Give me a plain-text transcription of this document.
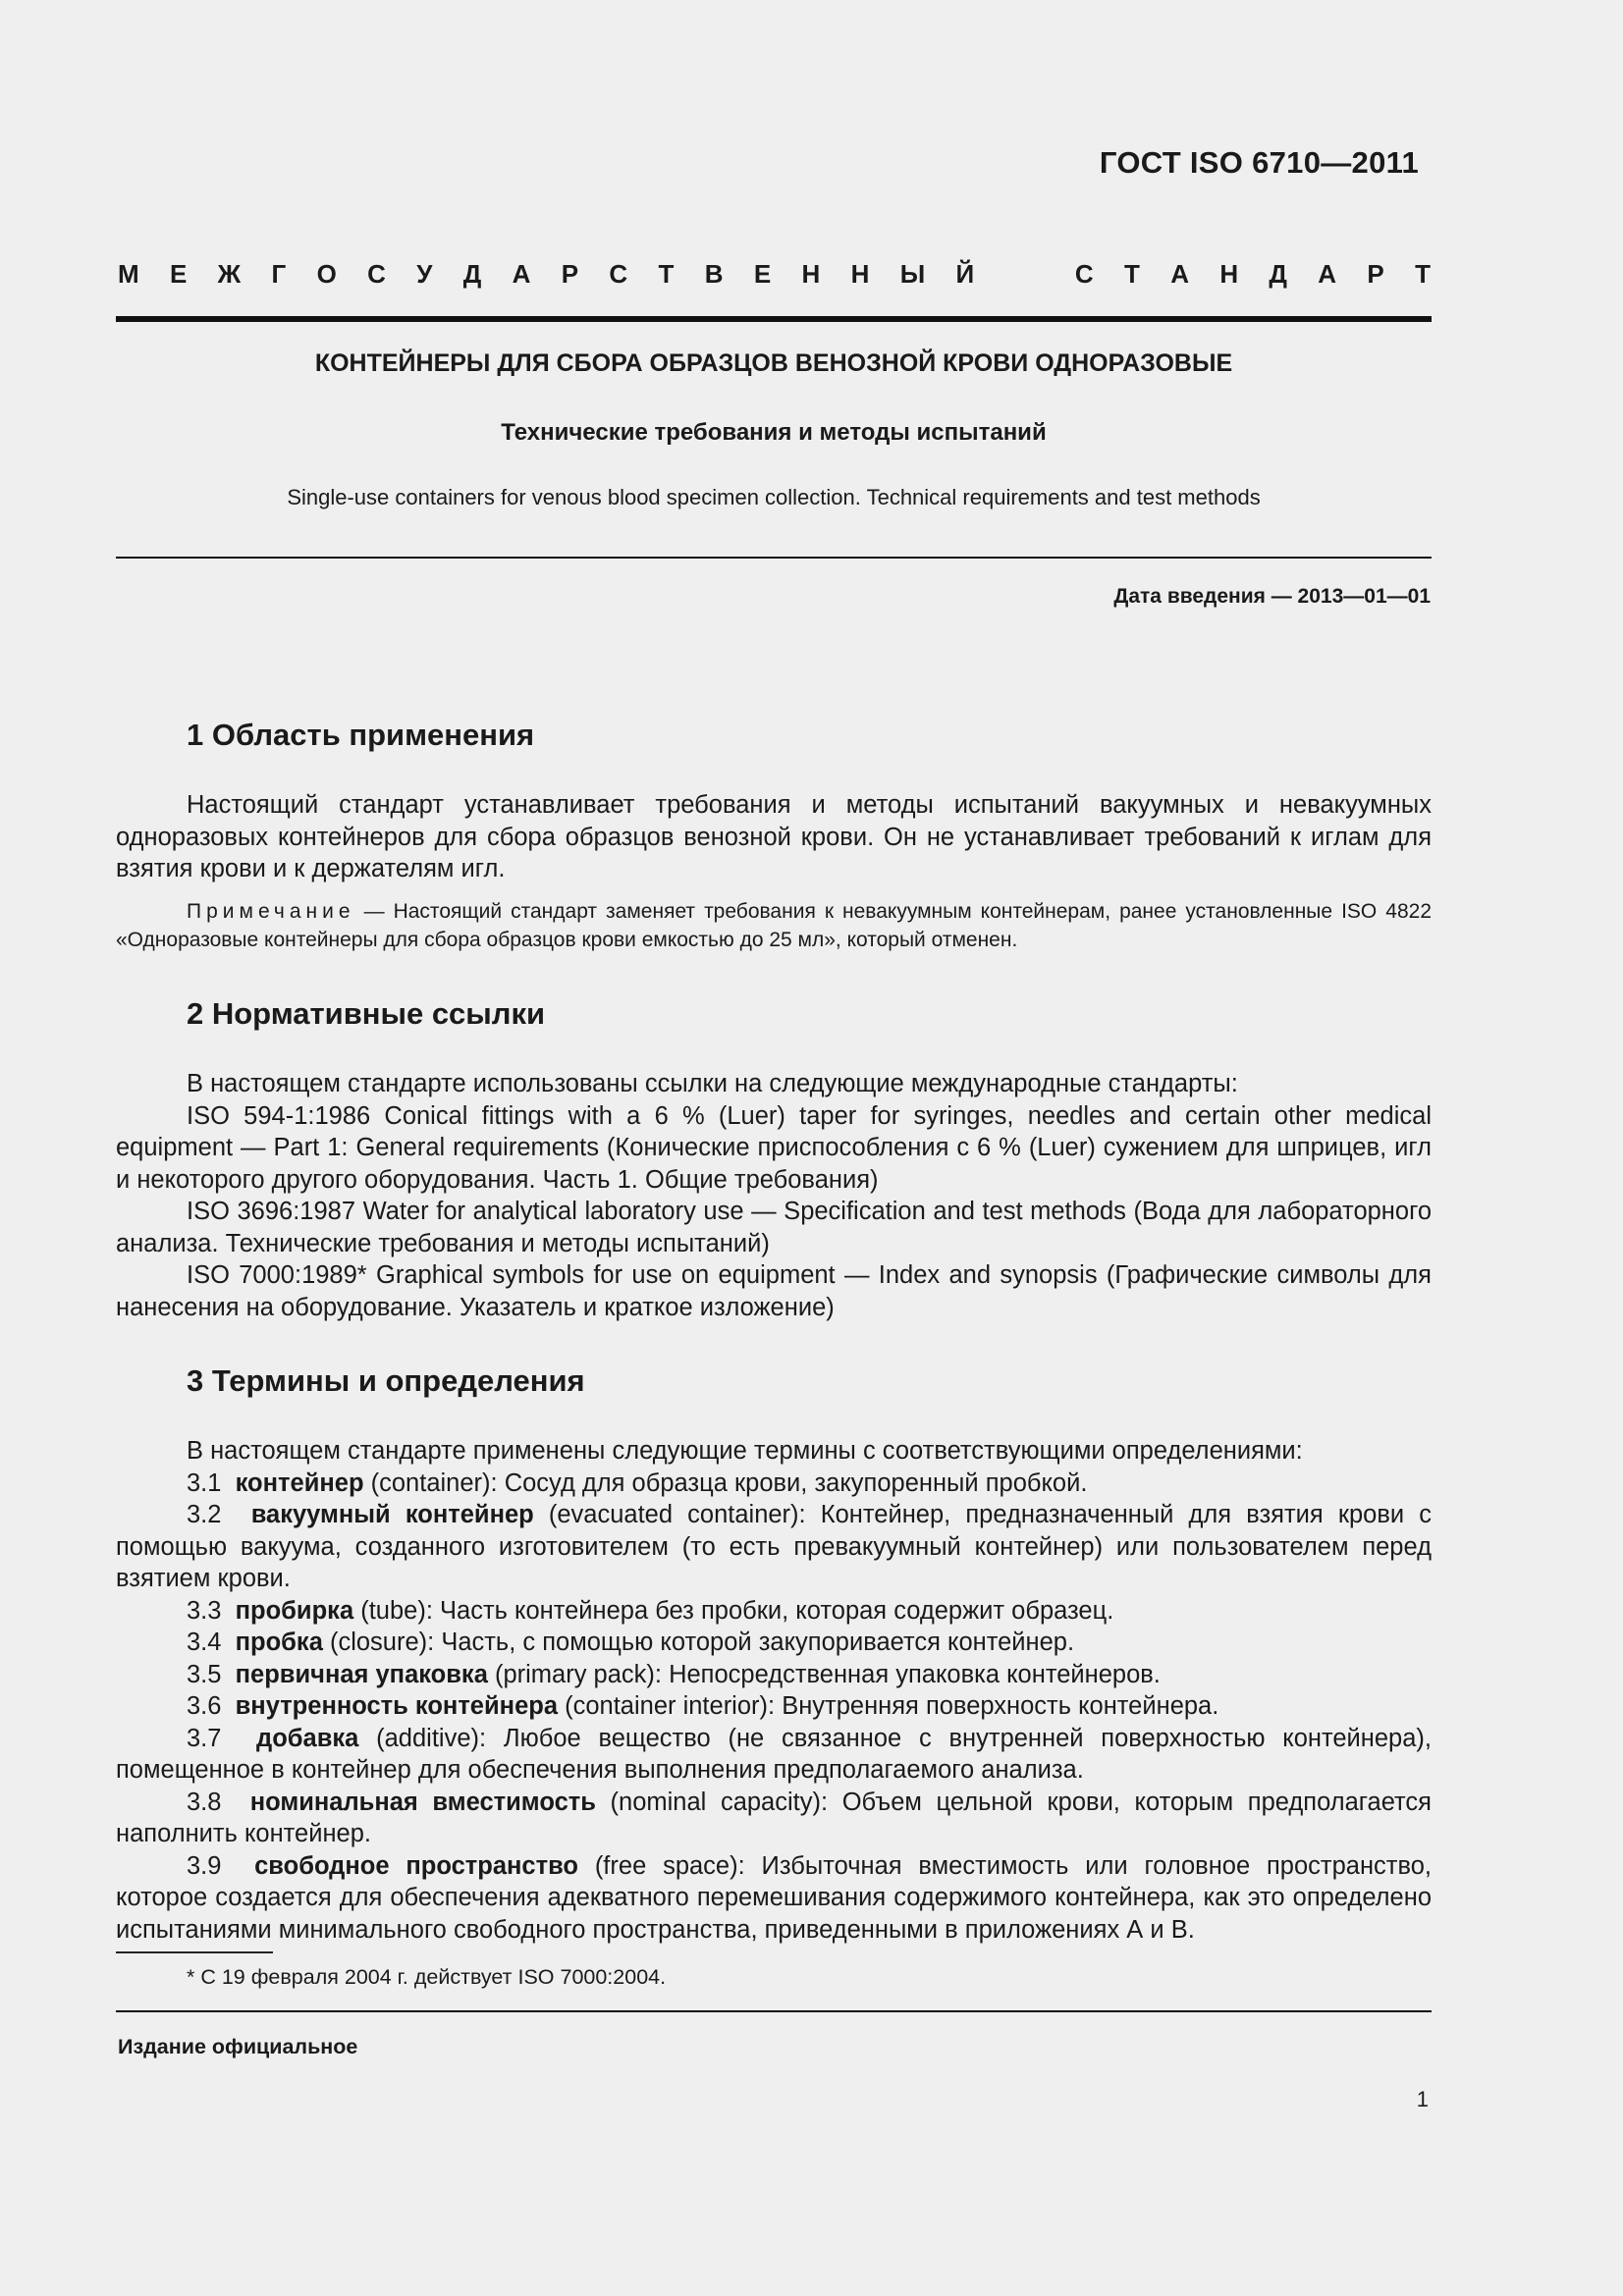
ГОСТ ISO 6710—2011
М Е Ж Г О С У Д А Р С Т В Е Н Н Ы Й	С Т А Н Д А Р Т
КОНТЕЙНЕРЫ ДЛЯ СБОРА ОБРАЗЦОВ ВЕНОЗНОЙ КРОВИ ОДНОРАЗОВЫЕ
Технические требования и методы испытаний
Single-use containers for venous blood specimen collection. Technical requirements and test methods
Дата введения — 2013—01—01
1 Область применения

Настоящий стандарт устанавливает требования и методы испытаний вакуумных и невакуумных одноразовых контейнеров для сбора образцов венозной крови. Он не устанавливает требований к иглам для взятия крови и к держателям игл.

Примечание — Настоящий стандарт заменяет требования к невакуумным контейнерам, ранее установленные ISO 4822 «Одноразовые контейнеры для сбора образцов крови емкостью до 25 мл», который отменен.

2 Нормативные ссылки

В настоящем стандарте использованы ссылки на следующие международные стандарты:

ISO 594-1:1986 Conical fittings with a 6 % (Luer) taper for syringes, needles and certain other medical equipment — Part 1: General requirements (Конические приспособления с 6 % (Luer) сужением для шприцев, игл и некоторого другого оборудования. Часть 1. Общие требования)

ISO 3696:1987 Water for analytical laboratory use — Specification and test methods (Вода для лабораторного анализа. Технические требования и методы испытаний)

ISO 7000:1989* Graphical symbols for use on equipment — Index and synopsis (Графические символы для нанесения на оборудование. Указатель и краткое изложение)

3 Термины и определения

В настоящем стандарте применены следующие термины с соответствующими определениями:

3.1 контейнер (container): Сосуд для образца крови, закупоренный пробкой.

3.2 вакуумный контейнер (evacuated container): Контейнер, предназначенный для взятия крови с помощью вакуума, созданного изготовителем (то есть превакуумный контейнер) или пользователем перед взятием крови.

3.3 пробирка (tube): Часть контейнера без пробки, которая содержит образец.

3.4 пробка (closure): Часть, с помощью которой закупоривается контейнер.

3.5 первичная упаковка (primary pack): Непосредственная упаковка контейнеров.

3.6 внутренность контейнера (container interior): Внутренняя поверхность контейнера.

3.7 добавка (additive): Любое вещество (не связанное с внутренней поверхностью контейнера), помещенное в контейнер для обеспечения выполнения предполагаемого анализа.

3.8 номинальная вместимость (nominal capacity): Объем цельной крови, которым предполагается наполнить контейнер.

3.9 свободное пространство (free space): Избыточная вместимость или головное пространство, которое создается для обеспечения адекватного перемешивания содержимого контейнера, как это определено испытаниями минимального свободного пространства, приведенными в приложениях А и В.

* С 19 февраля 2004 г. действует ISO 7000:2004.
Издание официальное
1
